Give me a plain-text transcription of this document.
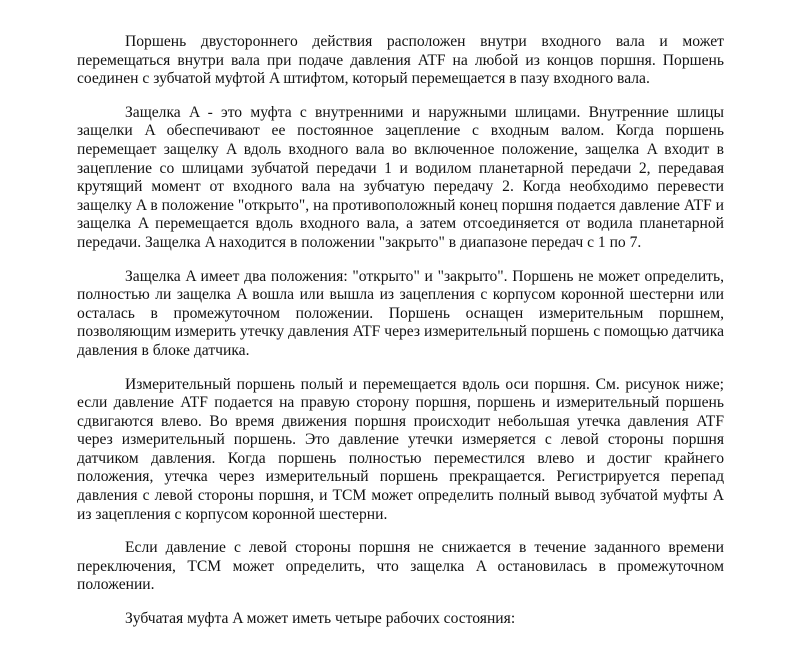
Поршень двустороннего действия расположен внутри входного вала и может перемещаться внутри вала при подаче давления ATF на любой из концов поршня. Поршень соединен с зубчатой муфтой A штифтом, который перемещается в пазу входного вала.

Защелка A - это муфта с внутренними и наружными шлицами. Внутренние шлицы защелки A обеспечивают ее постоянное зацепление с входным валом. Когда поршень перемещает защелку A вдоль входного вала во включенное положение, защелка A входит в зацепление со шлицами зубчатой передачи 1 и водилом планетарной передачи 2, передавая крутящий момент от входного вала на зубчатую передачу 2. Когда необходимо перевести защелку A в положение "открыто", на противоположный конец поршня подается давление ATF и защелка A перемещается вдоль входного вала, а затем отсоединяется от водила планетарной передачи. Защелка A находится в положении "закрыто" в диапазоне передач с 1 по 7.

Защелка A имеет два положения: "открыто" и "закрыто". Поршень не может определить, полностью ли защелка A вошла или вышла из зацепления с корпусом коронной шестерни или осталась в промежуточном положении. Поршень оснащен измерительным поршнем, позволяющим измерить утечку давления ATF через измерительный поршень с помощью датчика давления в блоке датчика.

Измерительный поршень полый и перемещается вдоль оси поршня. См. рисунок ниже; если давление ATF подается на правую сторону поршня, поршень и измерительный поршень сдвигаются влево. Во время движения поршня происходит небольшая утечка давления ATF через измерительный поршень. Это давление утечки измеряется с левой стороны поршня датчиком давления. Когда поршень полностью переместился влево и достиг крайнего положения, утечка через измерительный поршень прекращается. Регистрируется перепад давления с левой стороны поршня, и TCM может определить полный вывод зубчатой муфты A из зацепления с корпусом коронной шестерни.

Если давление с левой стороны поршня не снижается в течение заданного времени переключения, TCM может определить, что защелка A остановилась в промежуточном положении.

Зубчатая муфта A может иметь четыре рабочих состояния:
